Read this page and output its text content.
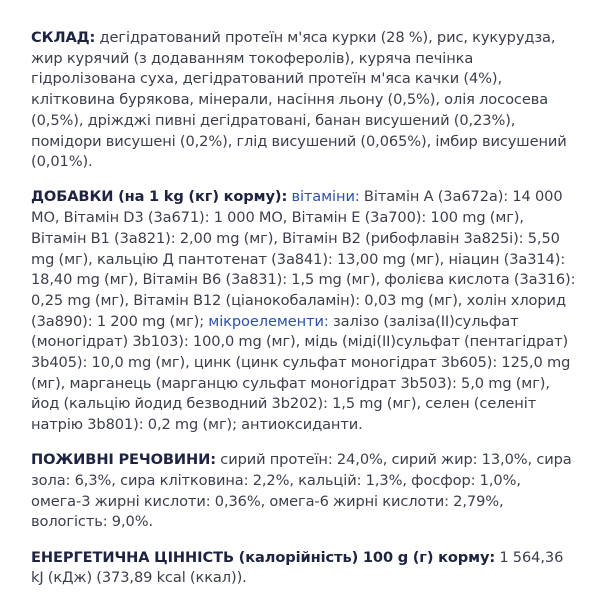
СКЛАД: дегідратований протеїн м'яса курки (28 %), рис, кукурудза, жир курячий (з додаванням токоферолів), куряча печінка гідролізована суха, дегідратований протеїн м'яса качки (4%), клітковина бурякова, мінерали, насіння льону (0,5%), олія лососева (0,5%), дріжджі пивні дегідратовані, банан висушений (0,23%), помідори висушені (0,2%), глід висушений (0,065%), імбир висушений (0,01%).

ДОБАВКИ (на 1 kg (кг) корму): вітаміни: Вітамін А (3а672а): 14 000 МО, Вітамін D3 (3а671): 1 000 МО, Вітамін Е (3а700): 100 mg (мг), Вітамін В1 (3а821): 2,00 mg (мг), Вітамін В2 (рибофлавін 3а825і): 5,50 mg (мг), кальцію Д пантотенат (3а841): 13,00 mg (мг), ніацин (3а314): 18,40 mg (мг), Вітамін В6 (3а831): 1,5 mg (мг), фолієва кислота (3а316): 0,25 mg (мг), Вітамін В12 (ціанокобаламін): 0,03 mg (мг), холін хлорид (3а890): 1 200 mg (мг); мікроелементи: залізо (заліза(ІІ)сульфат (моногідрат) 3b103): 100,0 mg (мг), мідь (міді(ІІ)сульфат (пентагідрат) 3b405): 10,0 mg (мг), цинк (цинк сульфат моногідрат 3b605): 125,0 mg (мг), марганець (марганцю сульфат моногідрат 3b503): 5,0 mg (мг), йод (кальцію йодид безводний 3b202): 1,5 mg (мг), селен (селеніт натрію 3b801): 0,2 mg (мг); антиоксиданти.

ПОЖИВНІ РЕЧОВИНИ: сирий протеїн: 24,0%, сирий жир: 13,0%, сира зола: 6,3%, сира клітковина: 2,2%, кальцій: 1,3%, фосфор: 1,0%, омега-3 жирні кислоти: 0,36%, омега-6 жирні кислоти: 2,79%, вологість: 9,0%.

ЕНЕРГЕТИЧНА ЦІННІСТЬ (калорійність) 100 g (г) корму: 1 564,36 kJ (кДж) (373,89 kcal (ккал)).
